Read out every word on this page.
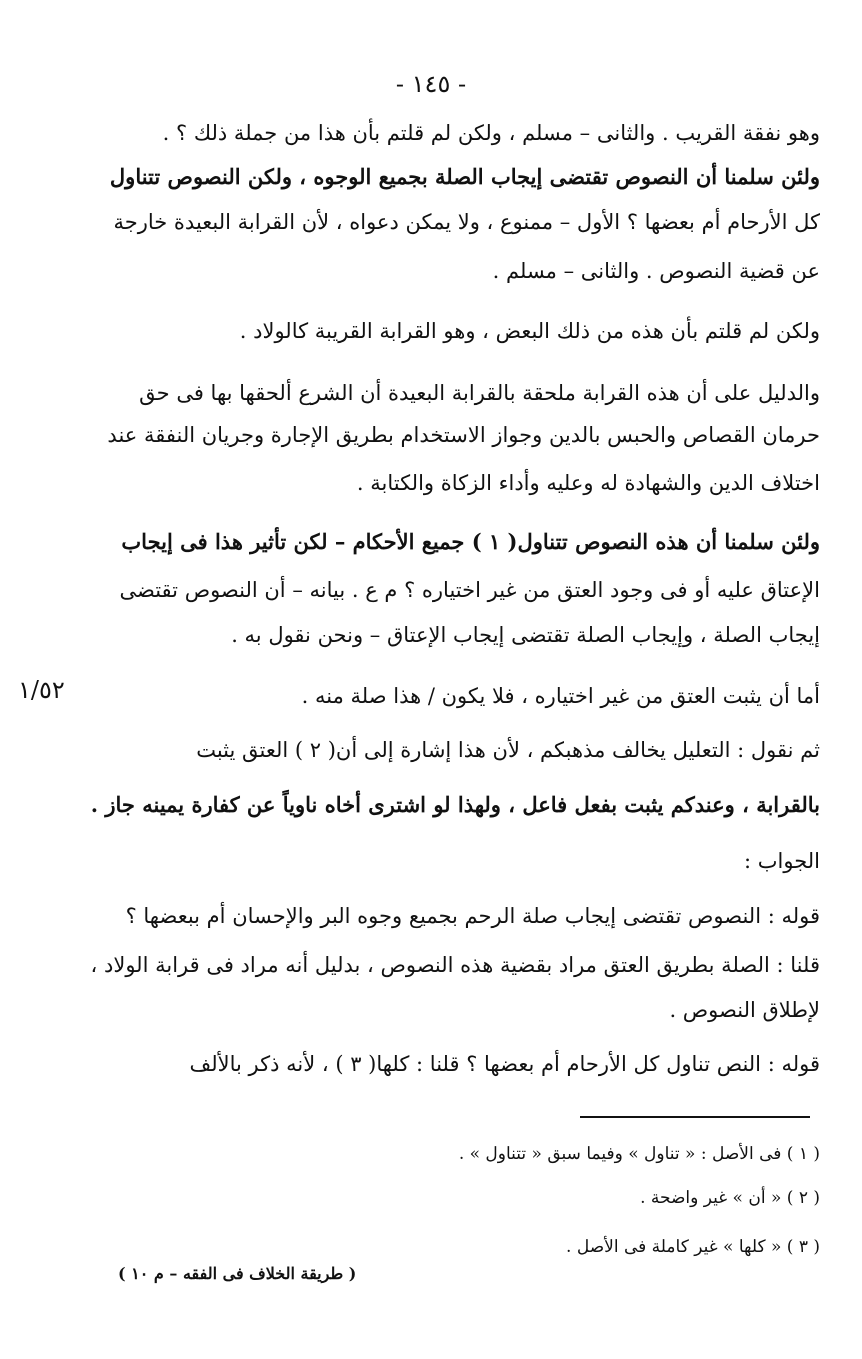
- ١٤٥ -
١/٥٢
وهو نفقة القريب . والثانى – مسلم ، ولكن لم قلتم بأن هذا من جملة ذلك ؟ .
ولئن سلمنا أن النصوص تقتضى إيجاب الصلة بجميع الوجوه ، ولكن النصوص تتناول
كل الأرحام أم بعضها ؟ الأول – ممنوع ، ولا يمكن دعواه ، لأن القرابة البعيدة خارجة
عن قضية النصوص . والثانى – مسلم .
ولكن لم قلتم بأن هذه من ذلك البعض ، وهو القرابة القريبة كالولاد .
والدليل على أن هذه القرابة ملحقة بالقرابة البعيدة أن الشرع ألحقها بها فى حق
حرمان القصاص والحبس بالدين وجواز الاستخدام بطريق الإجارة وجريان النفقة عند
اختلاف الدين والشهادة له وعليه وأداء الزكاة والكتابة .
ولئن سلمنا أن هذه النصوص تتناول( ١ ) جميع الأحكام – لكن تأثير هذا فى إيجاب
الإعتاق عليه أو فى وجود العتق من غير اختياره ؟ م ع . بيانه – أن النصوص تقتضى
إيجاب الصلة ، وإيجاب الصلة تقتضى إيجاب الإعتاق – ونحن نقول به .
أما أن يثبت العتق من غير اختياره ، فلا يكون / هذا صلة منه .
ثم نقول : التعليل يخالف مذهبكم ، لأن هذا إشارة إلى أن( ٢ ) العتق يثبت
بالقرابة ، وعندكم يثبت بفعل فاعل ، ولهذا لو اشترى أخاه ناوياً عن كفارة يمينه جاز .
الجواب :
قوله : النصوص تقتضى إيجاب صلة الرحم بجميع وجوه البر والإحسان أم ببعضها ؟
قلنا : الصلة بطريق العتق مراد بقضية هذه النصوص ، بدليل أنه مراد فى قرابة الولاد ،
لإطلاق النصوص .
قوله : النص تناول كل الأرحام أم بعضها ؟ قلنا : كلها( ٣ ) ، لأنه ذكر بالألف
( ١ ) فى الأصل : « تناول » وفيما سبق « تتناول » .
( ٢ ) « أن » غير واضحة .
( ٣ ) « كلها » غير كاملة فى الأصل .
( طريقة الخلاف فى الفقه – م ١٠ )
